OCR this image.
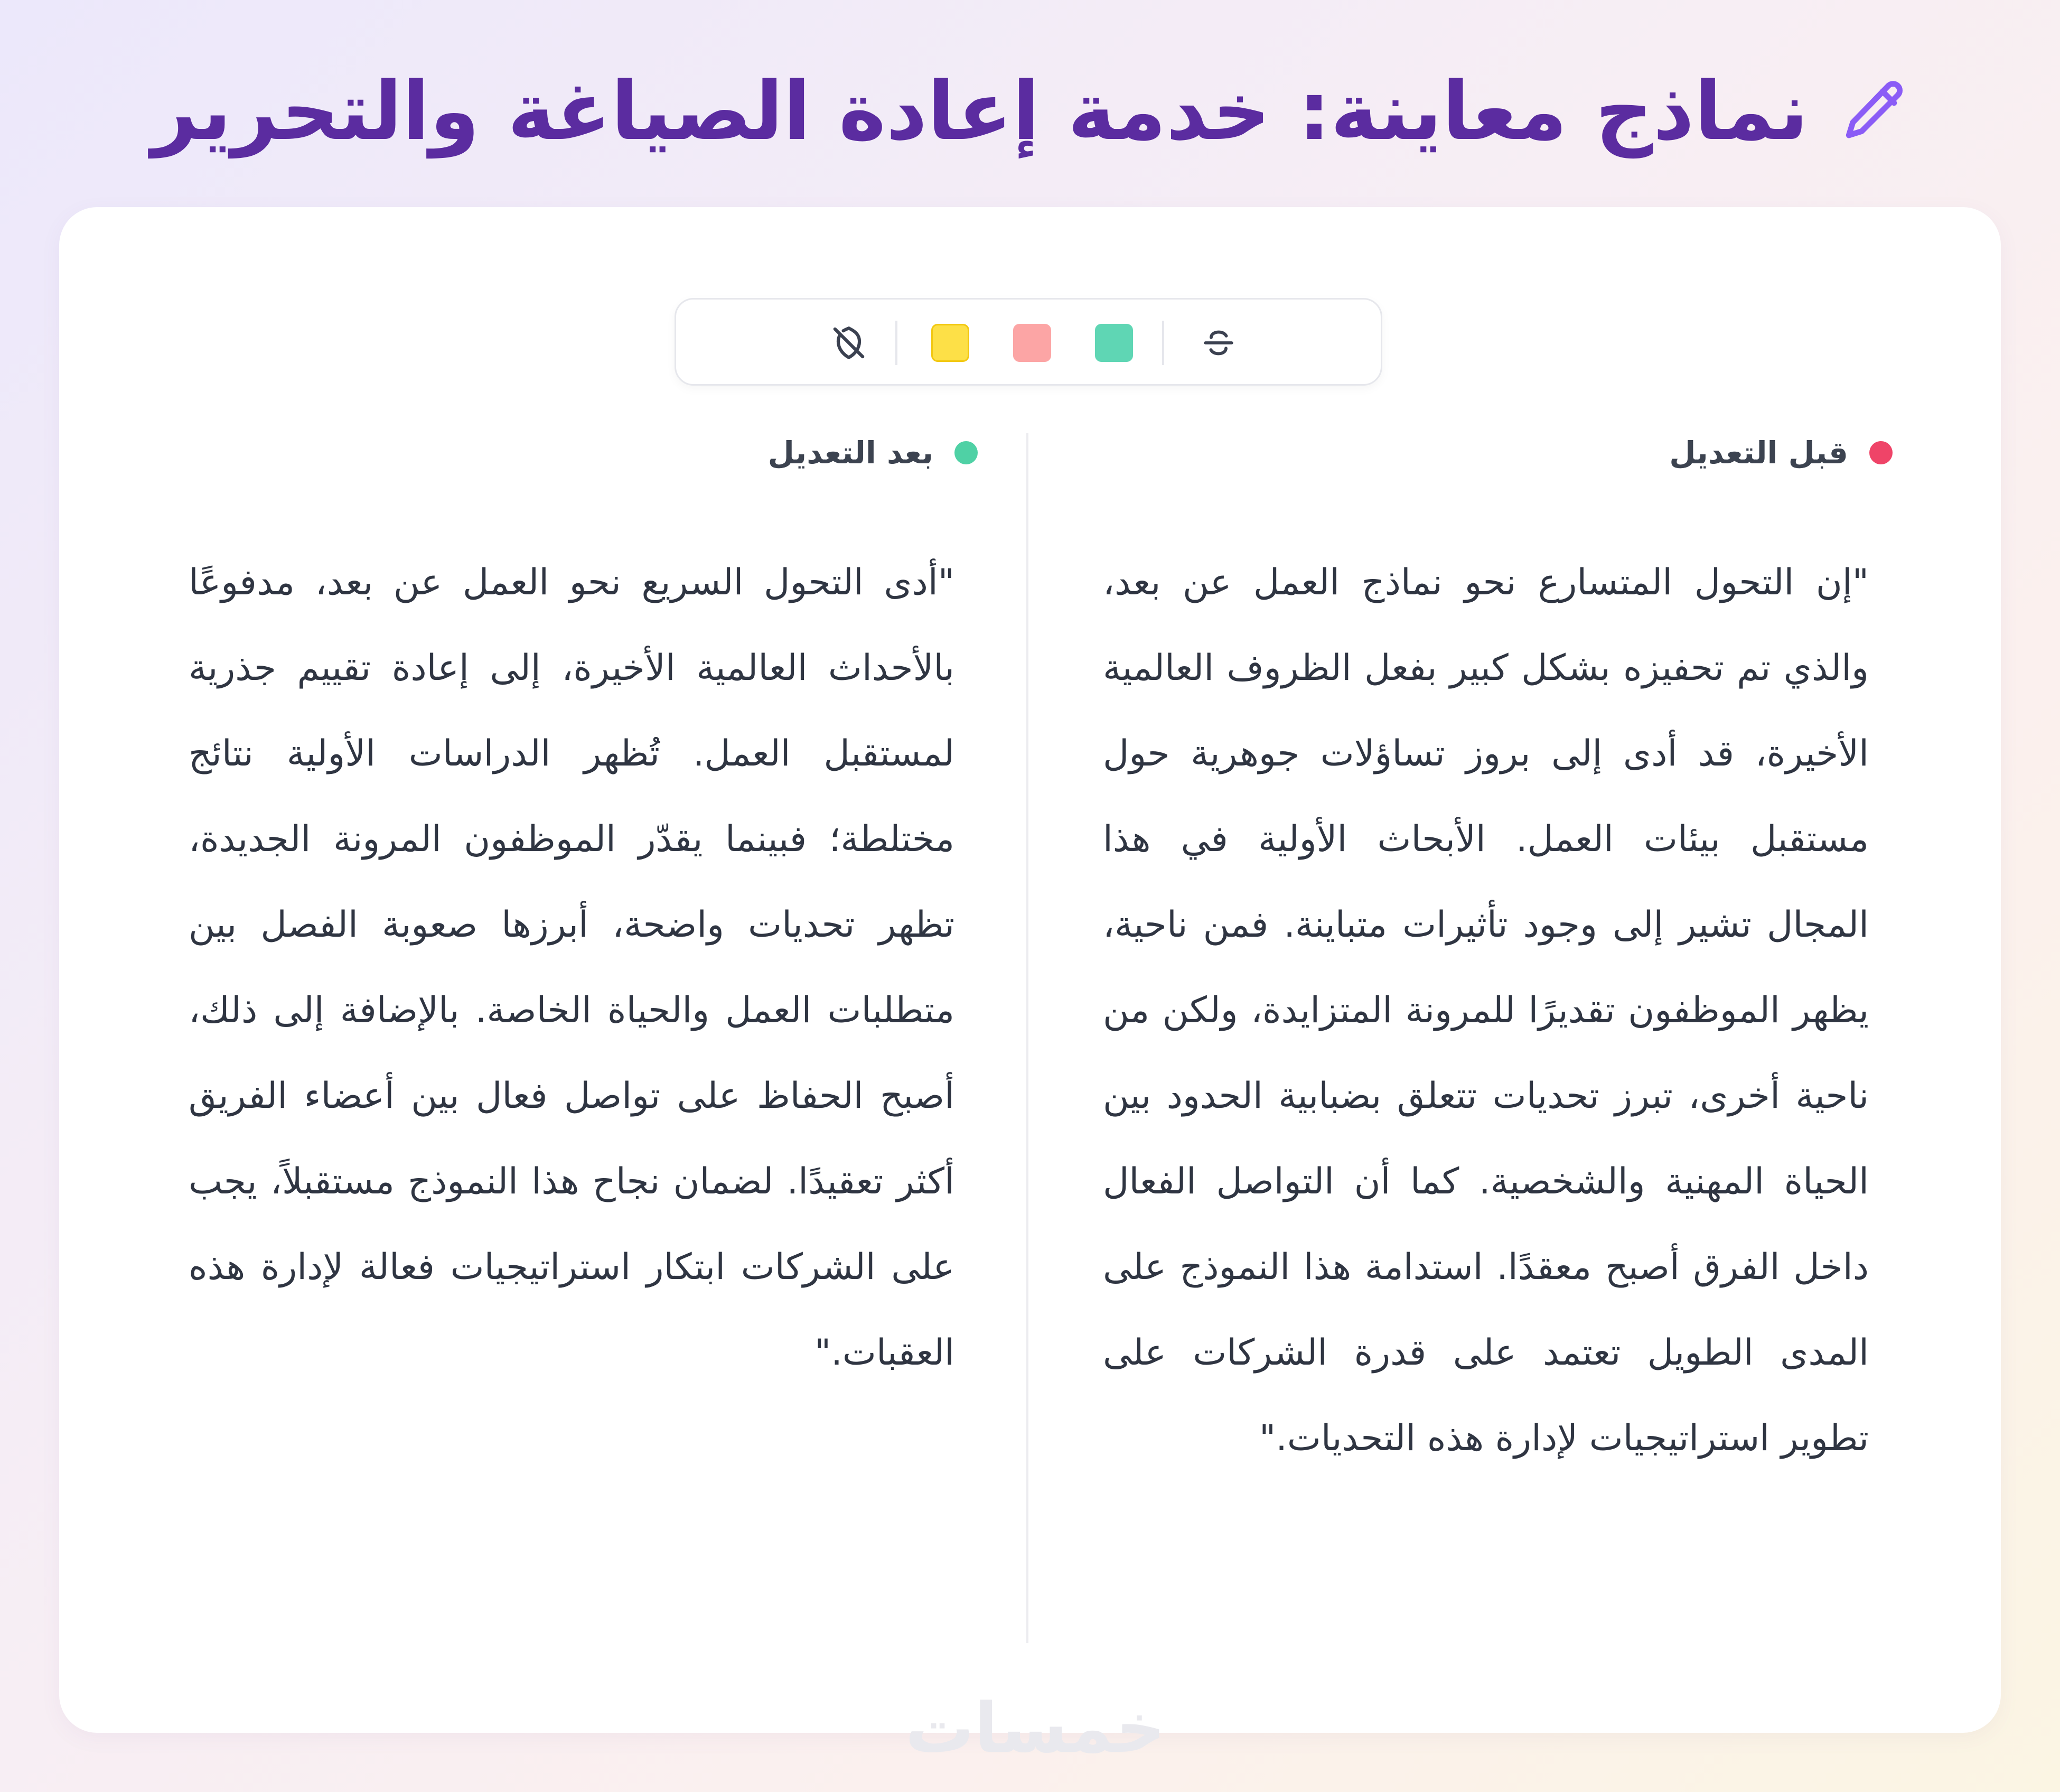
نماذج معاينة: خدمة إعادة الصياغة والتحرير
قبل التعديل
بعد التعديل

"إن التحول المتسارع نحو نماذج العمل عن بعد، والذي تم تحفيزه بشكل كبير بفعل الظروف العالمية الأخيرة، قد أدى إلى بروز تساؤلات جوهرية حول مستقبل بيئات العمل. الأبحاث الأولية في هذا المجال تشير إلى وجود تأثيرات متباينة. فمن ناحية، يظهر الموظفون تقديرًا للمرونة المتزايدة، ولكن من ناحية أخرى، تبرز تحديات تتعلق بضبابية الحدود بين الحياة المهنية والشخصية. كما أن التواصل الفعال داخل الفرق أصبح معقدًا. استدامة هذا النموذج على المدى الطويل تعتمد على قدرة الشركات على تطوير استراتيجيات لإدارة هذه التحديات."

"أدى التحول السريع نحو العمل عن بعد، مدفوعًا بالأحداث العالمية الأخيرة، إلى إعادة تقييم جذرية لمستقبل العمل. تُظهر الدراسات الأولية نتائج مختلطة؛ فبينما يقدّر الموظفون المرونة الجديدة، تظهر تحديات واضحة، أبرزها صعوبة الفصل بين متطلبات العمل والحياة الخاصة. بالإضافة إلى ذلك، أصبح الحفاظ على تواصل فعال بين أعضاء الفريق أكثر تعقيدًا. لضمان نجاح هذا النموذج مستقبلاً، يجب على الشركات ابتكار استراتيجيات فعالة لإدارة هذه العقبات."

خمسات
